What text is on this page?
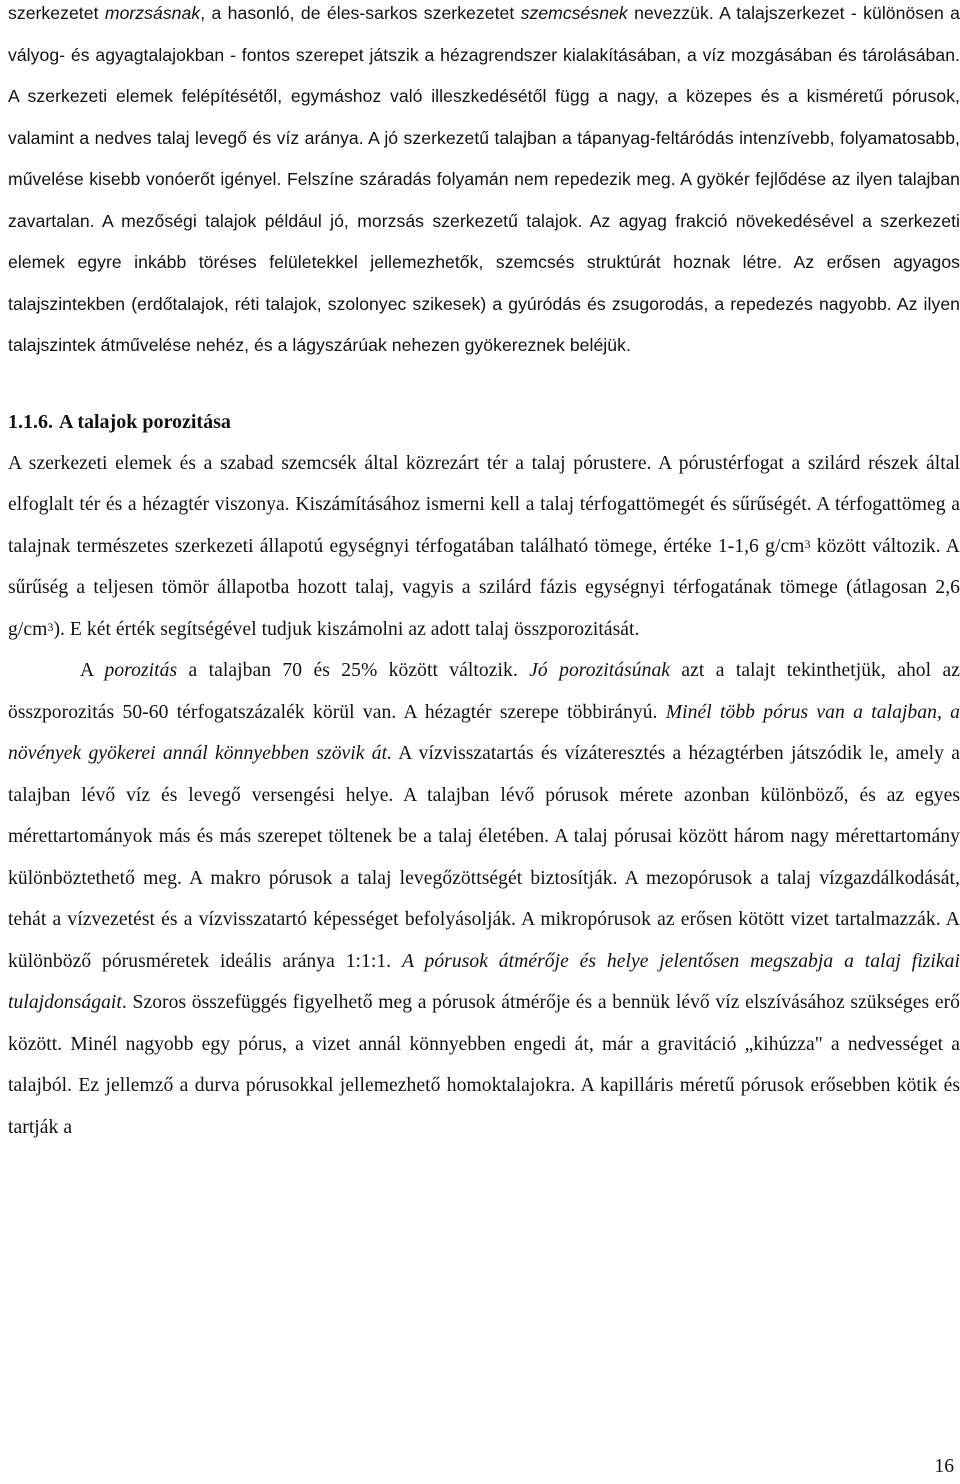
szerkezetet morzsásnak, a hasonló, de éles-sarkos szerkezetet szemcsésnek nevezzük. A talajszerkezet - különösen a vályog- és agyagtalajokban - fontos szerepet játszik a hézagrendszer kialakításában, a víz mozgásában és tárolásában. A szerkezeti elemek felépítésétől, egymáshoz való illeszkedésétől függ a nagy, a közepes és a kisméretű pórusok, valamint a nedves talaj levegő és víz aránya. A jó szerkezetű talajban a tápanyag-feltáródás intenzívebb, folyamatosabb, művelése kisebb vonóerőt igényel. Felszíne száradás folyamán nem repedezik meg. A gyökér fejlődése az ilyen talajban zavartalan. A mezőségi talajok például jó, morzsás szerkezetű talajok. Az agyag frakció növekedésével a szerkezeti elemek egyre inkább töréses felületekkel jellemezhetők, szemcsés struktúrát hoznak létre. Az erősen agyagos talajszintekben (erdőtalajok, réti talajok, szolonyec szikesek) a gyúródás és zsugorodás, a repedezés nagyobb. Az ilyen talajszintek átművelése nehéz, és a lágyszárúak nehezen gyökereznek beléjük.

1.1.6. A talajok porozitása

A szerkezeti elemek és a szabad szemcsék által közrezárt tér a talaj pórustere. A pórustérfogat a szilárd részek által elfoglalt tér és a hézagtér viszonya. Kiszámításához ismerni kell a talaj térfogattömegét és sűrűségét. A térfogattömeg a talajnak természetes szerkezeti állapotú egységnyi térfogatában található tömege, értéke 1-1,6 $g/cm^3$ között változik. A sűrűség a teljesen tömör állapotba hozott talaj, vagyis a szilárd fázis egységnyi térfogatának tömege (átlagosan 2,6 $g/cm^3$). E két érték segítségével tudjuk kiszámolni az adott talaj összporozitását.

A porozitás a talajban 70 és 25% között változik. Jó porozitásúnak azt a talajt tekinthetjük, ahol az összporozitás 50-60 térfogatszázalék körül van. A hézagtér szerepe többirányú. Minél több pórus van a talajban, a növények gyökerei annál könnyebben szövik át. A vízvisszatartás és vízáteresztés a hézagtérben játszódik le, amely a talajban lévő víz és levegő versengési helye. A talajban lévő pórusok mérete azonban különböző, és az egyes mérettartományok más és más szerepet töltenek be a talaj életében. A talaj pórusai között három nagy mérettartomány különböztethető meg. A makro pórusok a talaj levegőzöttségét biztosítják. A mezopórusok a talaj vízgazdálkodását, tehát a vízvezetést és a vízvisszatartó képességet befolyásolják. A mikropórusok az erősen kötött vizet tartalmazzák. A különböző pórusméretek ideális aránya 1:1:1. A pórusok átmérője és helye jelentősen megszabja a talaj fizikai tulajdonságait. Szoros összefüggés figyelhető meg a pórusok átmérője és a bennük lévő víz elszívásához szükséges erő között. Minél nagyobb egy pórus, a vizet annál könnyebben engedi át, már a gravitáció „kihúzza" a nedvességet a talajból. Ez jellemző a durva pórusokkal jellemezhető homoktalajokra. A kapilláris méretű pórusok erősebben kötik és tartják a

16
